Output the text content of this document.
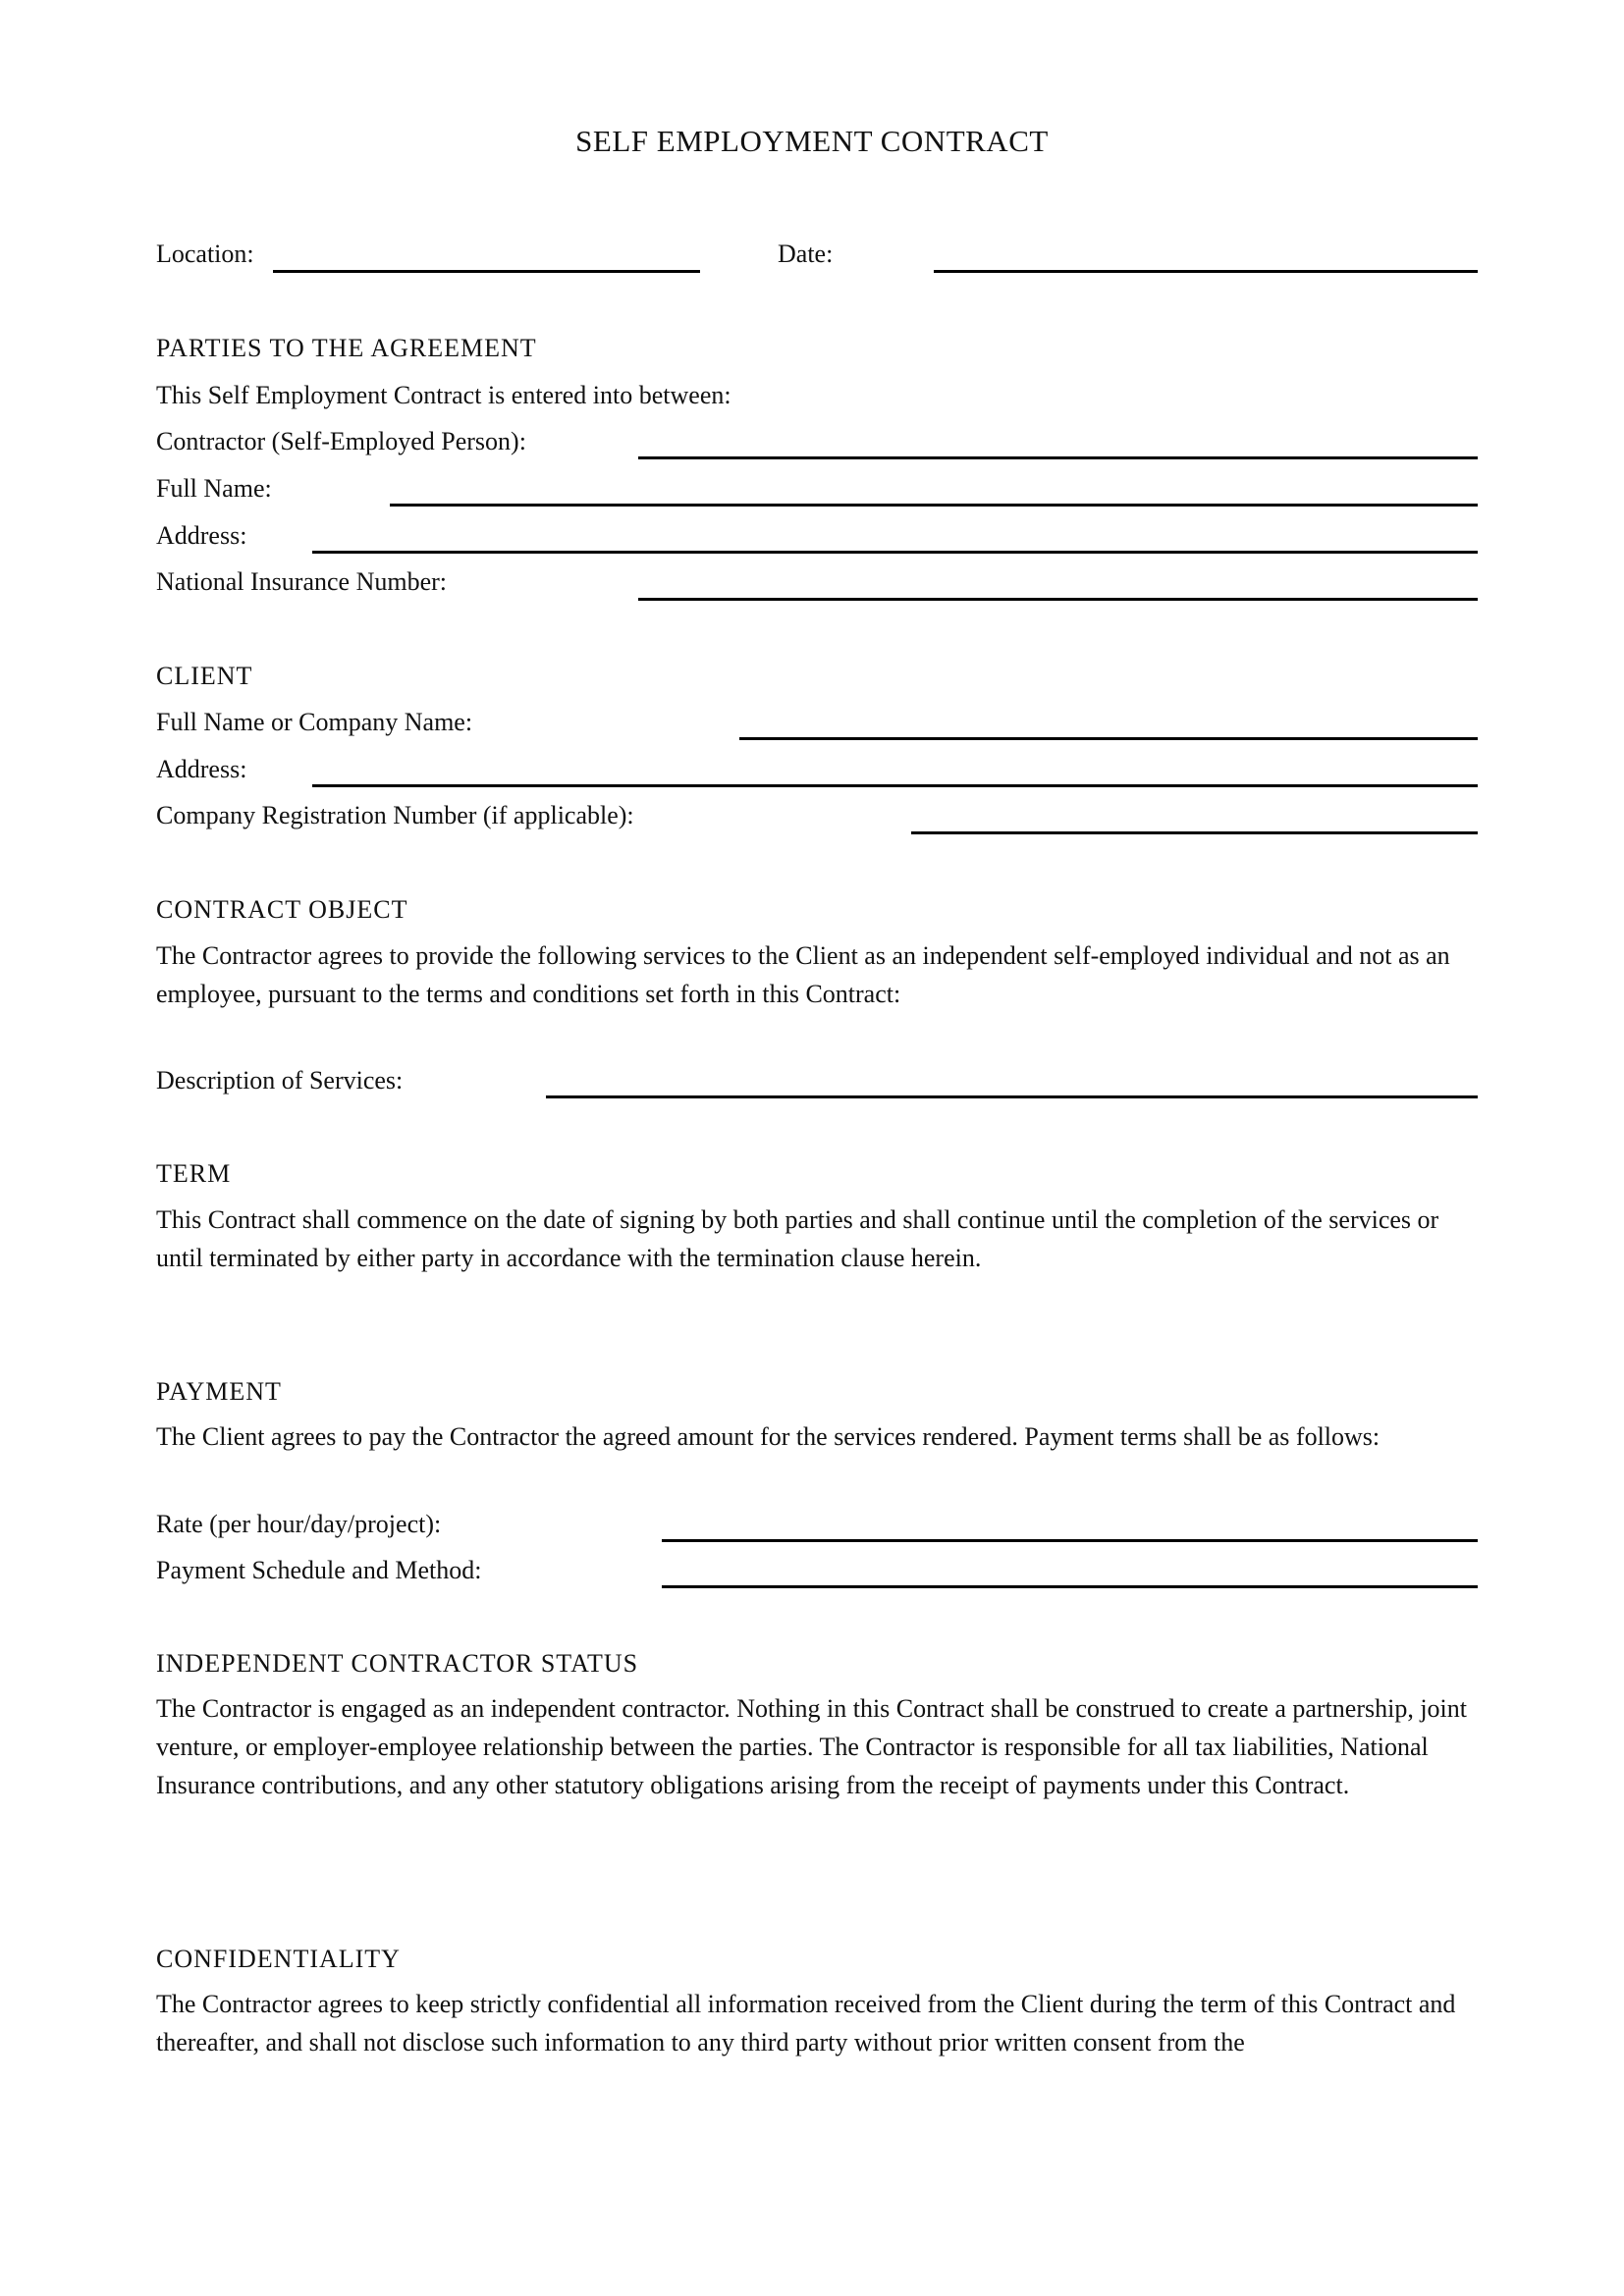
SELF EMPLOYMENT CONTRACT
Location:	Date:
PARTIES TO THE AGREEMENT
This Self Employment Contract is entered into between:
Contractor (Self-Employed Person):
Full Name:
Address:
National Insurance Number:
CLIENT
Full Name or Company Name:
Address:
Company Registration Number (if applicable):
CONTRACT OBJECT
The Contractor agrees to provide the following services to the Client as an independent self-employed individual and not as an employee, pursuant to the terms and conditions set forth in this Contract:
Description of Services:
TERM
This Contract shall commence on the date of signing by both parties and shall continue until the completion of the services or until terminated by either party in accordance with the termination clause herein.
PAYMENT
The Client agrees to pay the Contractor the agreed amount for the services rendered. Payment terms shall be as follows:
Rate (per hour/day/project):
Payment Schedule and Method:
INDEPENDENT CONTRACTOR STATUS
The Contractor is engaged as an independent contractor. Nothing in this Contract shall be construed to create a partnership, joint venture, or employer-employee relationship between the parties. The Contractor is responsible for all tax liabilities, National Insurance contributions, and any other statutory obligations arising from the receipt of payments under this Contract.
CONFIDENTIALITY
The Contractor agrees to keep strictly confidential all information received from the Client during the term of this Contract and thereafter, and shall not disclose such information to any third party without prior written consent from the
